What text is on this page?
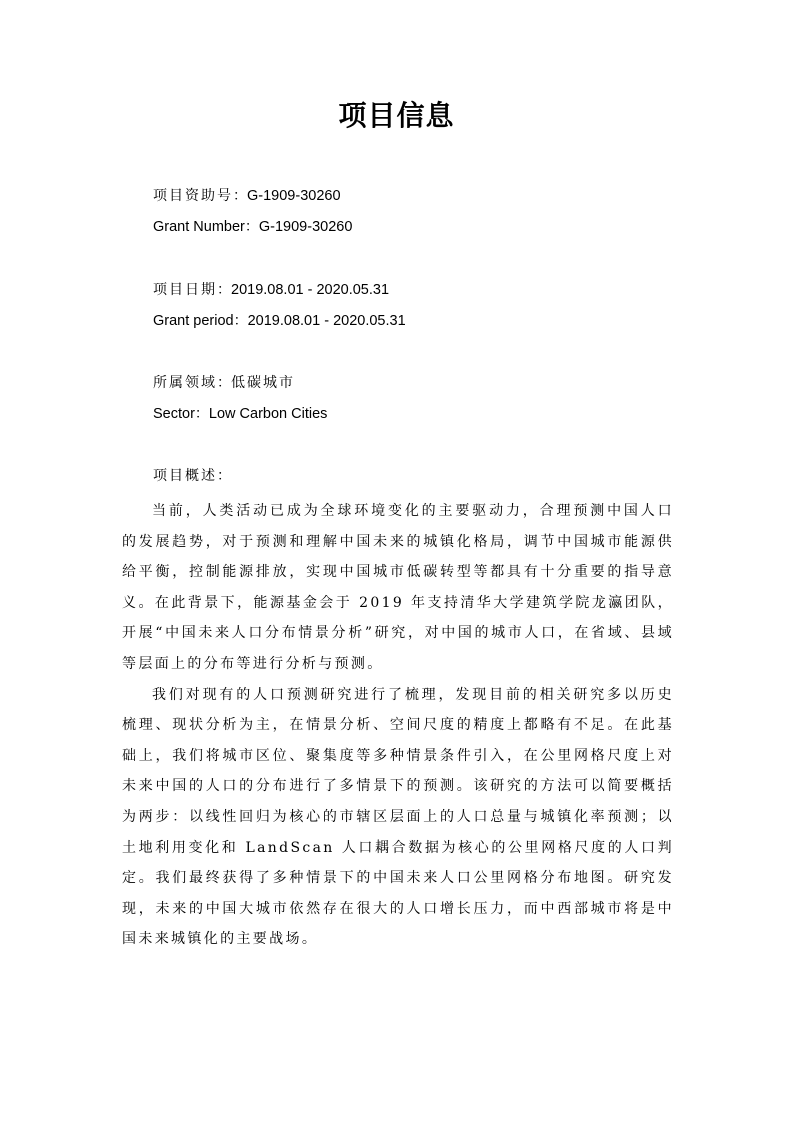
项目信息
项目资助号：G-1909-30260
Grant Number：G-1909-30260
项目日期：2019.08.01 - 2020.05.31
Grant period：2019.08.01 - 2020.05.31
所属领域：低碳城市
Sector：Low Carbon Cities
项目概述：

当前，人类活动已成为全球环境变化的主要驱动力，合理预测中国人口的发展趋势，对于预测和理解中国未来的城镇化格局，调节中国城市能源供给平衡，控制能源排放，实现中国城市低碳转型等都具有十分重要的指导意义。在此背景下，能源基金会于 2019 年支持清华大学建筑学院龙瀛团队，开展“中国未来人口分布情景分析”研究，对中国的城市人口，在省域、县域等层面上的分布等进行分析与预测。

我们对现有的人口预测研究进行了梳理，发现目前的相关研究多以历史梳理、现状分析为主，在情景分析、空间尺度的精度上都略有不足。在此基础上，我们将城市区位、聚集度等多种情景条件引入，在公里网格尺度上对未来中国的人口的分布进行了多情景下的预测。该研究的方法可以简要概括为两步：以线性回归为核心的市辖区层面上的人口总量与城镇化率预测；以土地利用变化和 LandScan 人口耦合数据为核心的公里网格尺度的人口判定。我们最终获得了多种情景下的中国未来人口公里网格分布地图。研究发现，未来的中国大城市依然存在很大的人口增长压力，而中西部城市将是中国未来城镇化的主要战场。
